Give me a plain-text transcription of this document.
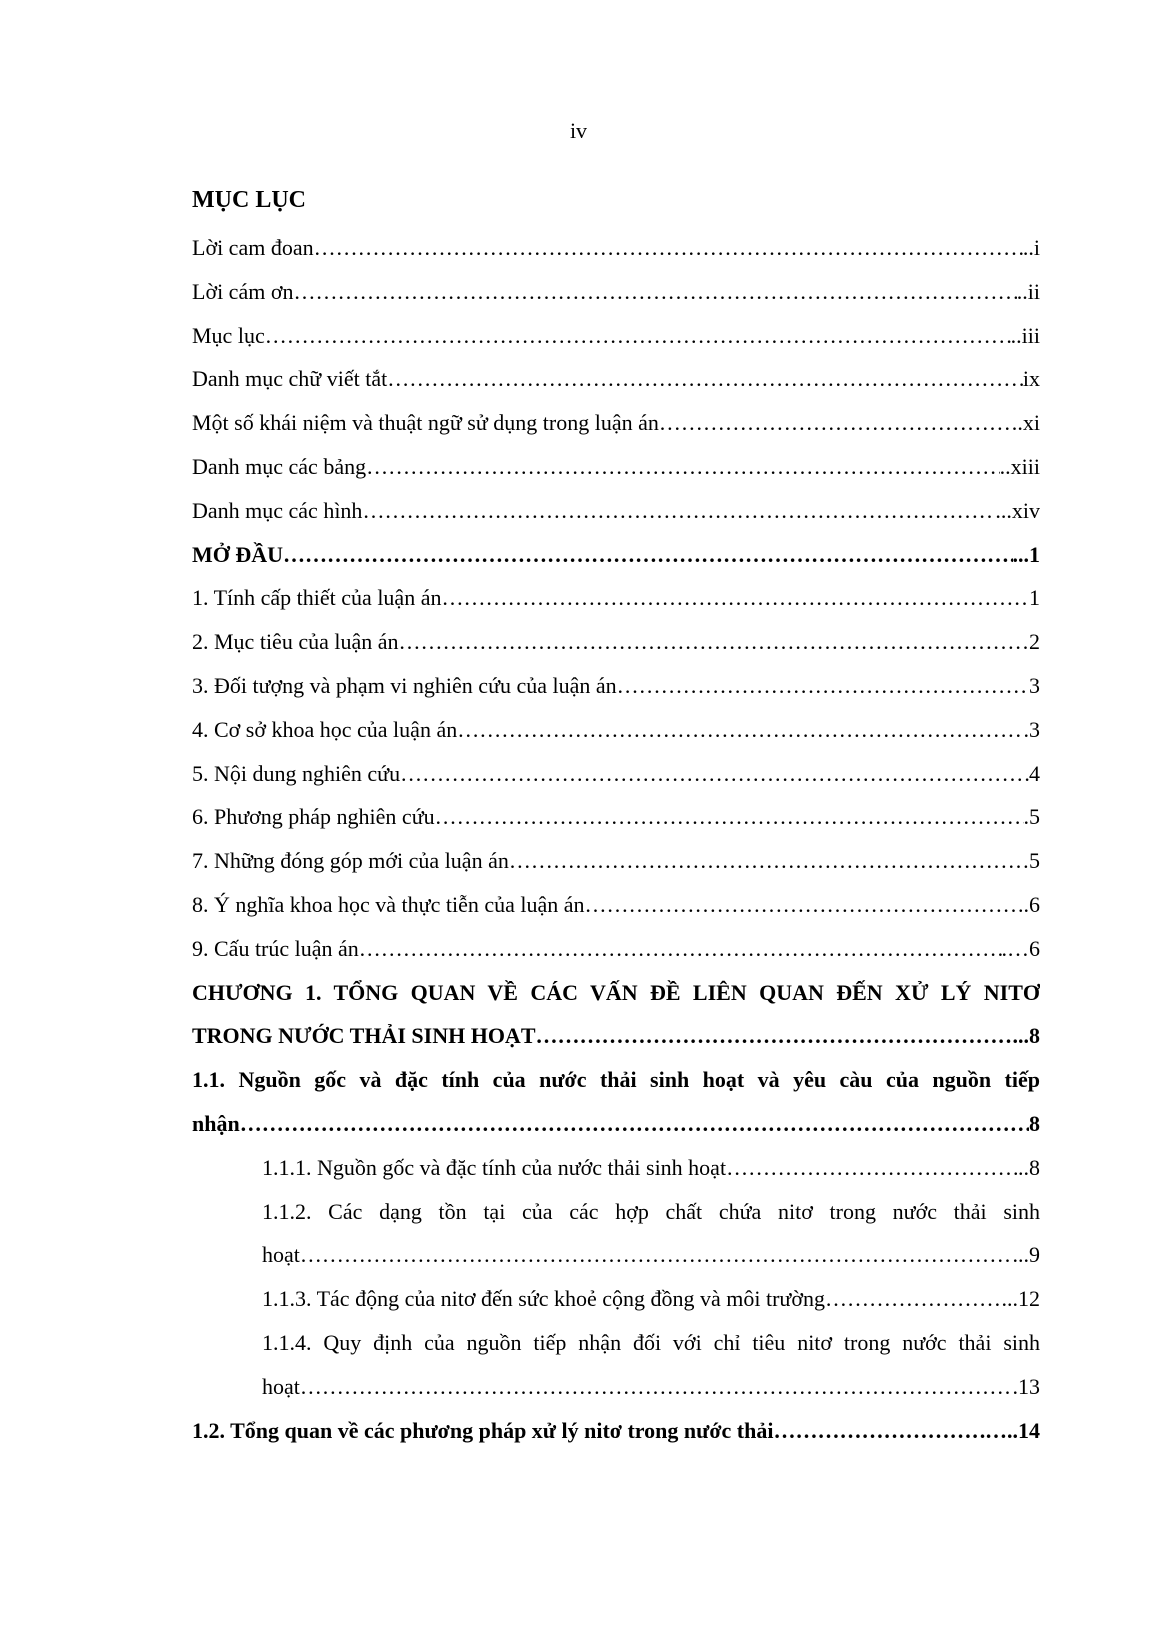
iv
MỤC LỤC
Lời cam đoan ………………………………………………………………………………………………………………………………………………………………………………	..i
Lời cám ơn ………………………………………………………………………………………………………………………………………………………………………………	..ii
Mục lục ………………………………………………………………………………………………………………………………………………………………………………	..iii
Danh mục chữ viết tắt ………………………………………………………………………………………………………………………………………………………………………………	ix
Một số khái niệm và thuật ngữ sử dụng trong luận án ………………………………………………………………………………………………………………………………………………………………………………	.xi
Danh mục các bảng ………………………………………………………………………………………………………………………………………………………………………………	..xiii
Danh mục các hình ………………………………………………………………………………………………………………………………………………………………………………	...xiv
MỞ ĐẦU ………………………………………………………………………………………………………………………………………………………………………………	...1
1. Tính cấp thiết của luận án ………………………………………………………………………………………………………………………………………………………………………………	1
2. Mục tiêu của luận án ………………………………………………………………………………………………………………………………………………………………………………	2
3. Đối tượng và phạm vi nghiên cứu của luận án ………………………………………………………………………………………………………………………………………………………………………………	3
4. Cơ sở khoa học của luận án ………………………………………………………………………………………………………………………………………………………………………………	.3
5. Nội dung nghiên cứu ………………………………………………………………………………………………………………………………………………………………………………	4
6. Phương pháp nghiên cứu ………………………………………………………………………………………………………………………………………………………………………………	.5
7. Những đóng góp mới của luận án ………………………………………………………………………………………………………………………………………………………………………………	5
8. Ý nghĩa khoa học và thực tiễn của luận án ………………………………………………………………………………………………………………………………………………………………………………	..6
9. Cấu trúc luận án ………………………………………………………………………………………………………………………………………………………………………………	.…6
CHƯƠNG 1. TỔNG QUAN VỀ CÁC VẤN ĐỀ LIÊN QUAN ĐẾN XỬ LÝ NITƠ
TRONG NƯỚC THẢI SINH HOẠT ………………………………………………………………………………………………………………………………………………………………………………	...8
1.1. Nguồn gốc và đặc tính của nước thải sinh hoạt và yêu càu của nguồn tiếp
nhận ………………………………………………………………………………………………………………………………………………………………………………	8
1.1.1. Nguồn gốc và đặc tính của nước thải sinh hoạt ………………………………………………………………………………………………………………………………………………………………………………	..8
1.1.2. Các dạng tồn tại của các hợp chất chứa nitơ trong nước thải sinh
hoạt ………………………………………………………………………………………………………………………………………………………………………………	...9
1.1.3. Tác động của nitơ đến sức khoẻ cộng đồng và môi trường ………………………………………………………………………………………………………………………………………………………………………………	...12
1.1.4. Quy định của nguồn tiếp nhận đối với chỉ tiêu nitơ trong nước thải sinh
hoạt ………………………………………………………………………………………………………………………………………………………………………………	.13
1.2. Tổng quan về các phương pháp xử lý nitơ trong nước thải ………………………………………………………………………………………………………………………………………………………………………………	…..14
